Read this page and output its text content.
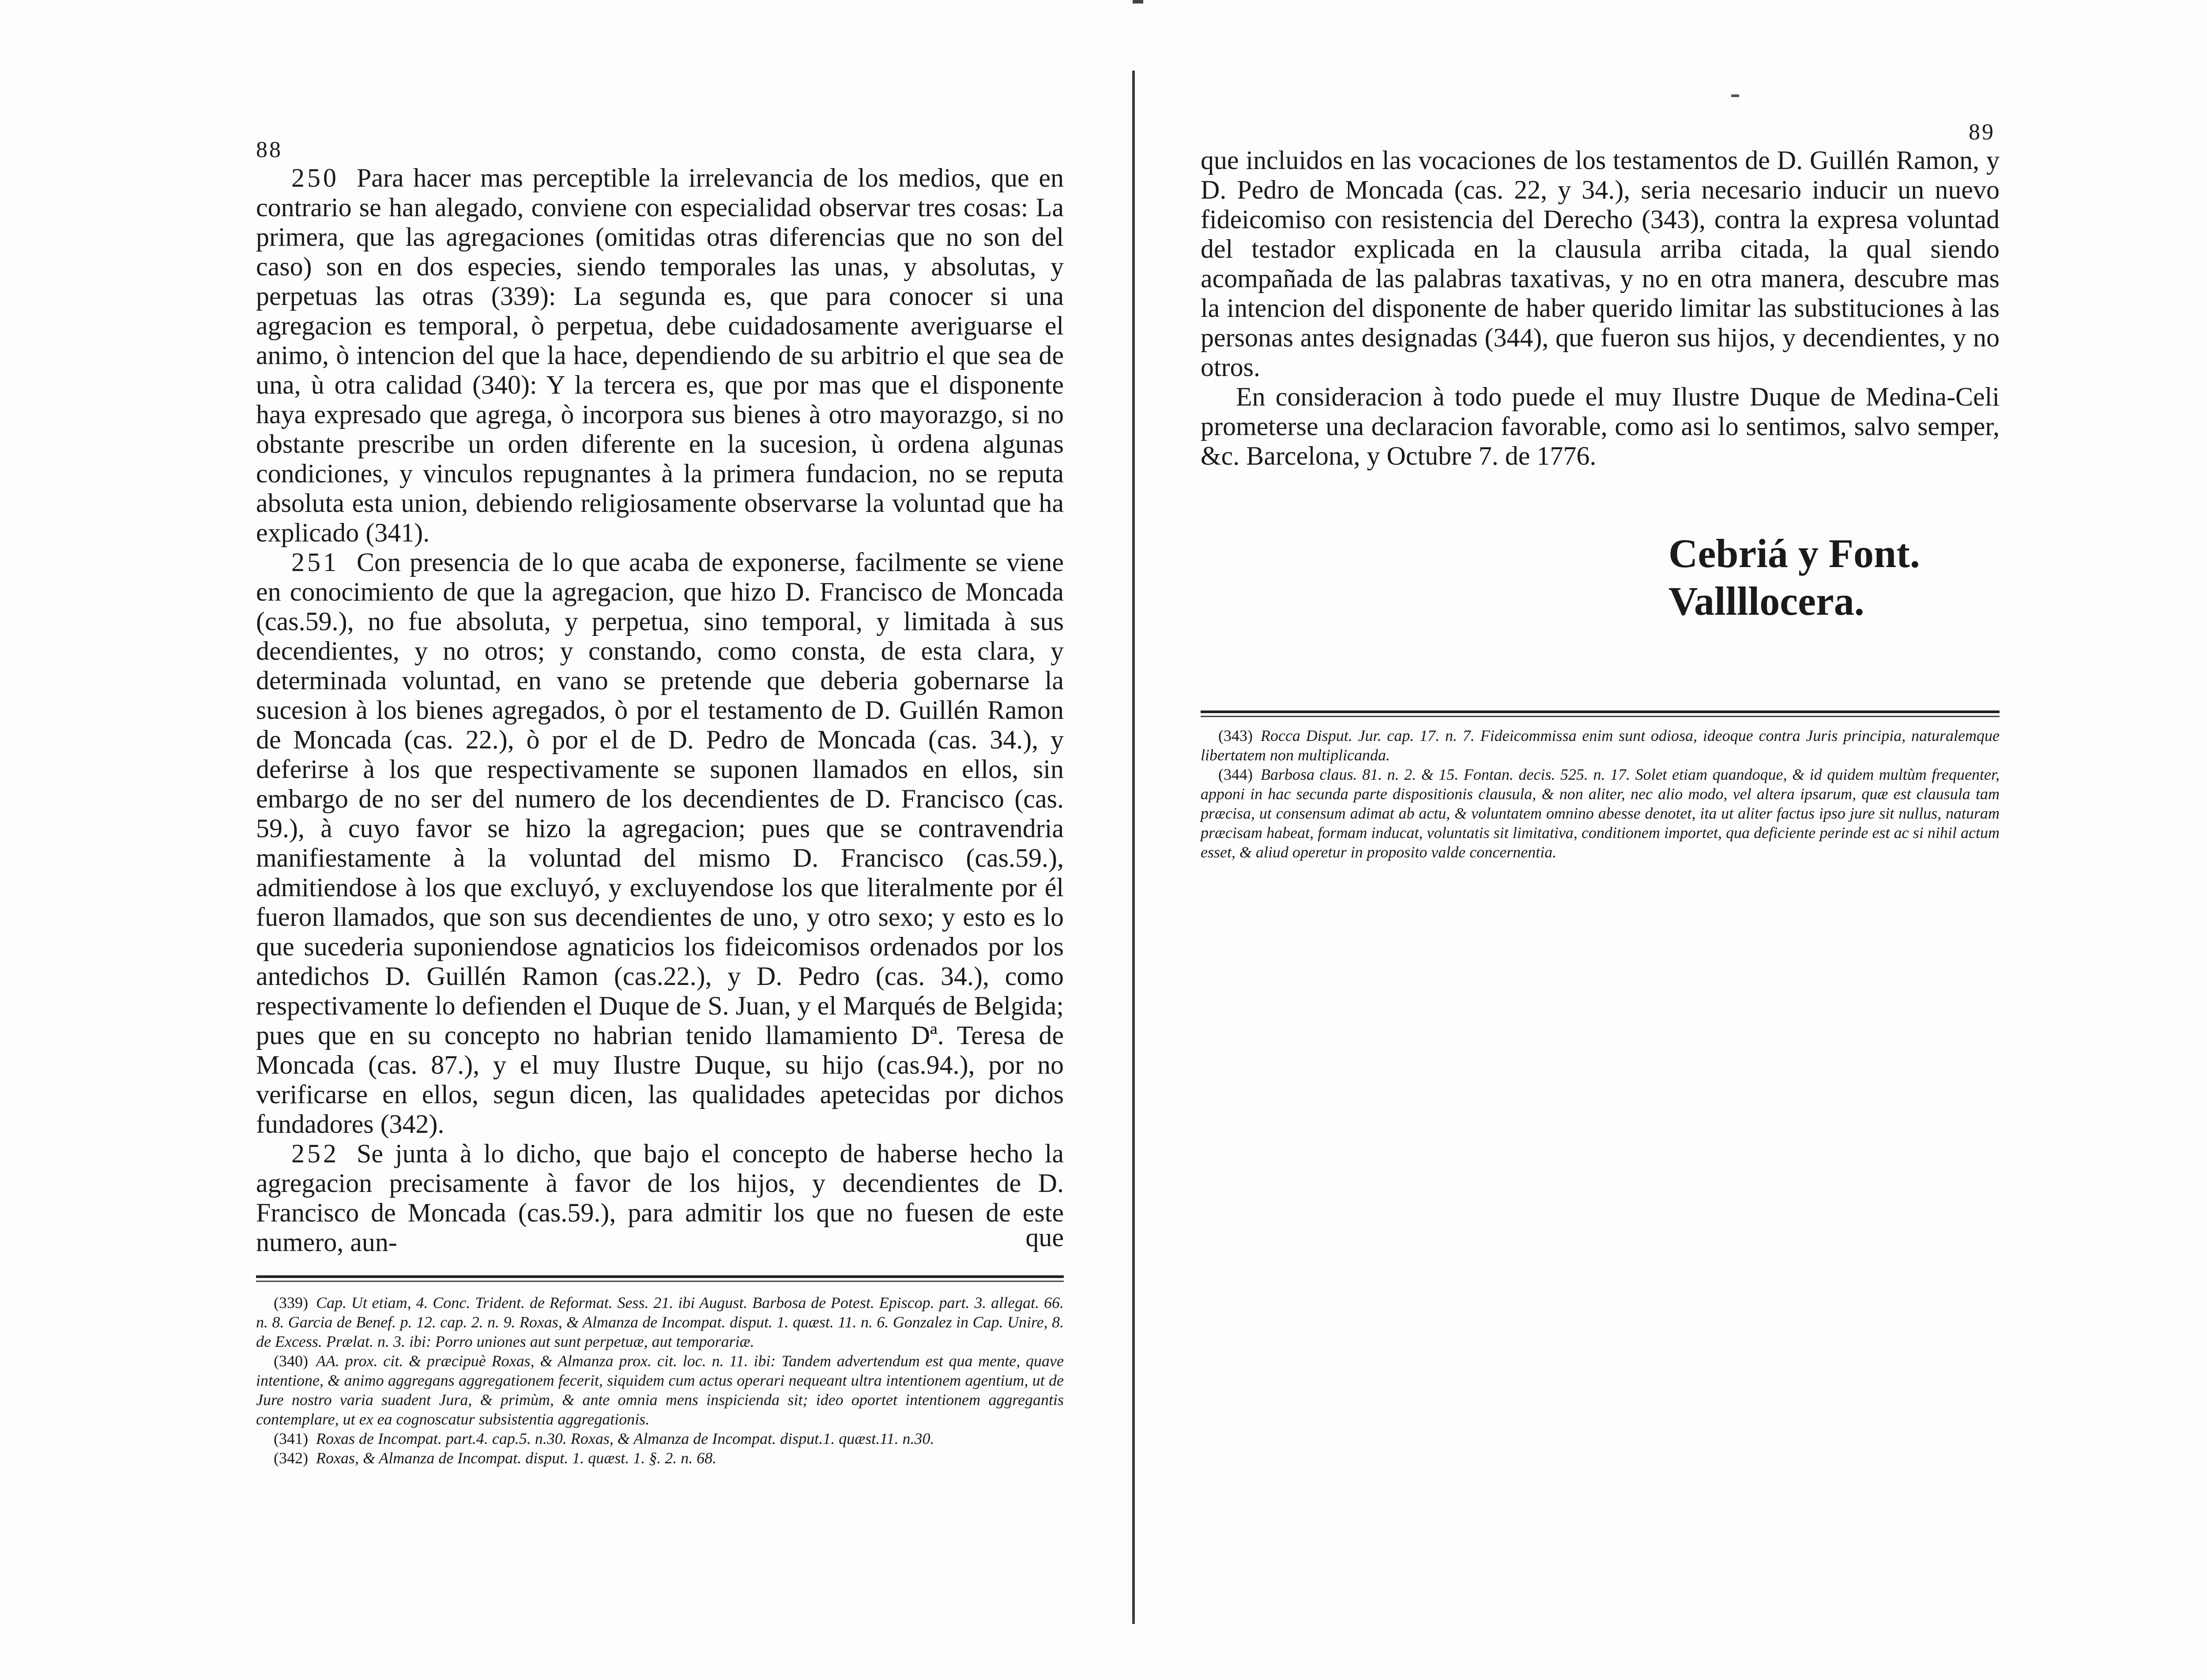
88

250 Para hacer mas perceptible la irrelevancia de los medios, que en contrario se han alegado, conviene con especialidad observar tres cosas: La primera, que las agregaciones (omitidas otras diferencias que no son del caso) son en dos especies, siendo temporales las unas, y absolutas, y perpetuas las otras (339): La segunda es, que para conocer si una agregacion es temporal, ò perpetua, debe cuidadosamente averiguarse el animo, ò intencion del que la hace, dependiendo de su arbitrio el que sea de una, ù otra calidad (340): Y la tercera es, que por mas que el disponente haya expresado que agrega, ò incorpora sus bienes à otro mayorazgo, si no obstante prescribe un orden diferente en la sucesion, ù ordena algunas condiciones, y vinculos repugnantes à la primera fundacion, no se reputa absoluta esta union, debiendo religiosamente observarse la voluntad que ha explicado (341).

251 Con presencia de lo que acaba de exponerse, facilmente se viene en conocimiento de que la agregacion, que hizo D. Francisco de Moncada (cas.59.), no fue absoluta, y perpetua, sino temporal, y limitada à sus decendientes, y no otros; y constando, como consta, de esta clara, y determinada voluntad, en vano se pretende que deberia gobernarse la sucesion à los bienes agregados, ò por el testamento de D. Guillén Ramon de Moncada (cas. 22.), ò por el de D. Pedro de Moncada (cas. 34.), y deferirse à los que respectivamente se suponen llamados en ellos, sin embargo de no ser del numero de los decendientes de D. Francisco (cas. 59.), à cuyo favor se hizo la agregacion; pues que se contravendria manifiestamente à la voluntad del mismo D. Francisco (cas.59.), admitiendose à los que excluyó, y excluyendose los que literalmente por él fueron llamados, que son sus decendientes de uno, y otro sexo; y esto es lo que sucederia suponiendose agnaticios los fideicomisos ordenados por los antedichos D. Guillén Ramon (cas.22.), y D. Pedro (cas. 34.), como respectivamente lo defienden el Duque de S. Juan, y el Marqués de Belgida; pues que en su concepto no habrian tenido llamamiento Dª. Teresa de Moncada (cas. 87.), y el muy Ilustre Duque, su hijo (cas.94.), por no verificarse en ellos, segun dicen, las qualidades apetecidas por dichos fundadores (342).

252 Se junta à lo dicho, que bajo el concepto de haberse hecho la agregacion precisamente à favor de los hijos, y decendientes de D. Francisco de Moncada (cas.59.), para admitir los que no fuesen de este numero, aun-	que

(339) Cap. Ut etiam, 4. Conc. Trident. de Reformat. Sess. 21. ibi August. Barbosa de Potest. Episcop. part. 3. allegat. 66. n. 8. Garcia de Benef. p. 12. cap. 2. n. 9. Roxas, & Almanza de Incompat. disput. 1. quæst. 11. n. 6. Gonzalez in Cap. Unire, 8. de Excess. Prælat. n. 3. ibi: Porro uniones aut sunt perpetuæ, aut temporariæ.

(340) AA. prox. cit. & præcipuè Roxas, & Almanza prox. cit. loc. n. 11. ibi: Tandem advertendum est qua mente, quave intentione, & animo aggregans aggregationem fecerit, siquidem cum actus operari nequeant ultra intentionem agentium, ut de Jure nostro varia suadent Jura, & primùm, & ante omnia mens inspicienda sit; ideo oportet intentionem aggregantis contemplare, ut ex ea cognoscatur subsistentia aggregationis.

(341) Roxas de Incompat. part.4. cap.5. n.30. Roxas, & Almanza de Incompat. disput.1. quæst.11. n.30.

(342) Roxas, & Almanza de Incompat. disput. 1. quæst. 1. §. 2. n. 68.

89

que incluidos en las vocaciones de los testamentos de D. Guillén Ramon, y D. Pedro de Moncada (cas. 22, y 34.), seria necesario inducir un nuevo fideicomiso con resistencia del Derecho (343), contra la expresa voluntad del testador explicada en la clausula arriba citada, la qual siendo acompañada de las palabras taxativas, y no en otra manera, descubre mas la intencion del disponente de haber querido limitar las substituciones à las personas antes designadas (344), que fueron sus hijos, y decendientes, y no otros.

En consideracion à todo puede el muy Ilustre Duque de Medina-Celi prometerse una declaracion favorable, como asi lo sentimos, salvo semper, &c. Barcelona, y Octubre 7. de 1776.

Cebriá y Font.
Vallllocera.

(343) Rocca Disput. Jur. cap. 17. n. 7. Fideicommissa enim sunt odiosa, ideoque contra Juris principia, naturalemque libertatem non multiplicanda.

(344) Barbosa claus. 81. n. 2. & 15. Fontan. decis. 525. n. 17. Solet etiam quandoque, & id quidem multùm frequenter, apponi in hac secunda parte dispositionis clausula, & non aliter, nec alio modo, vel altera ipsarum, quæ est clausula tam præcisa, ut consensum adimat ab actu, & voluntatem omnino abesse denotet, ita ut aliter factus ipso jure sit nullus, naturam præcisam habeat, formam inducat, voluntatis sit limitativa, conditionem importet, qua deficiente perinde est ac si nihil actum esset, & aliud operetur in proposito valde concernentia.
